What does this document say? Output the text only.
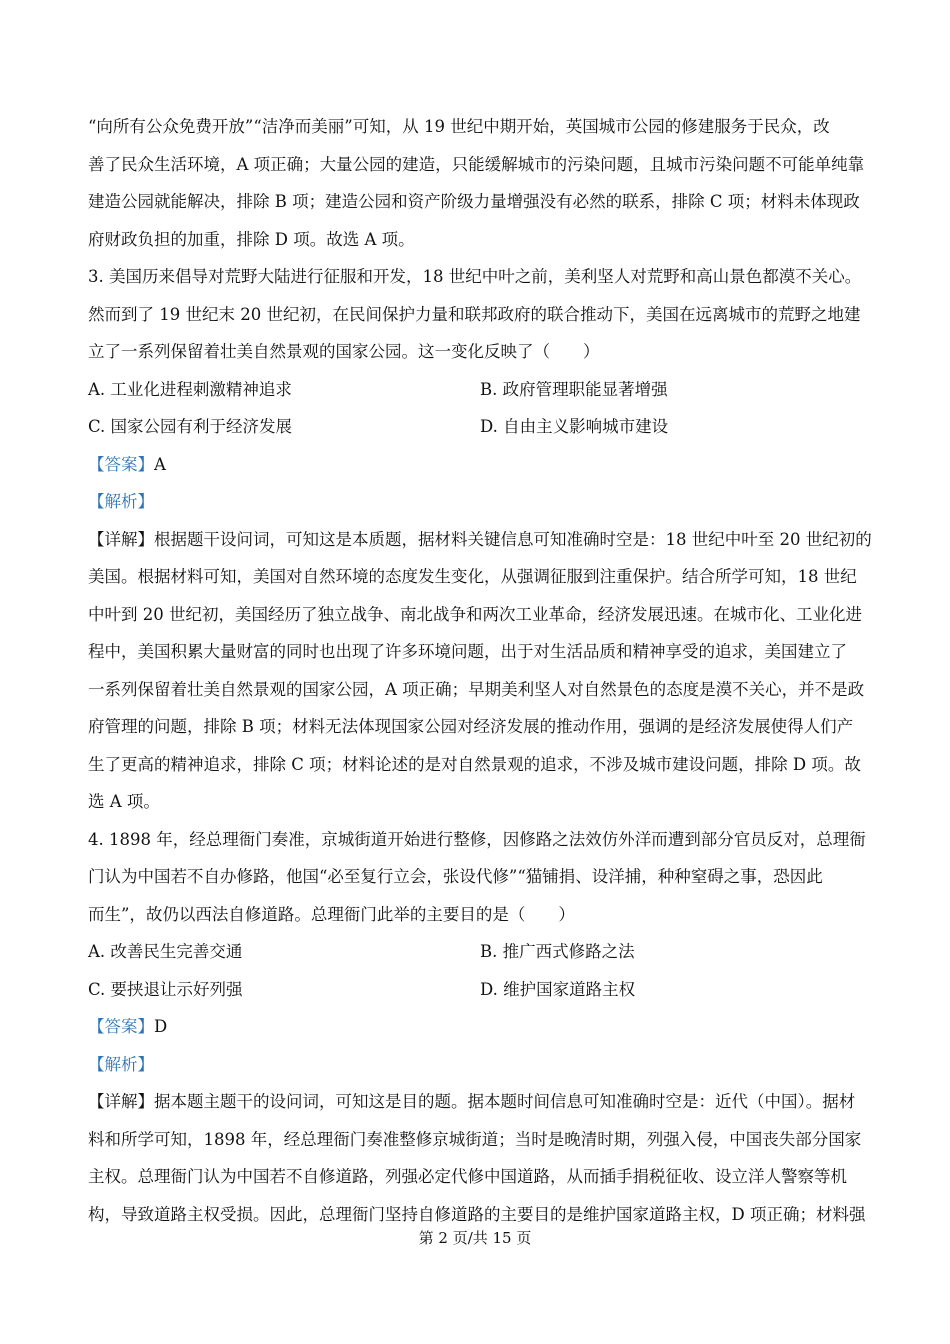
“向所有公众免费开放”“洁净而美丽”可知，从 19 世纪中期开始，英国城市公园的修建服务于民众，改
善了民众生活环境，A 项正确；大量公园的建造，只能缓解城市的污染问题，且城市污染问题不可能单纯靠
建造公园就能解决，排除 B 项；建造公园和资产阶级力量增强没有必然的联系，排除 C 项；材料未体现政
府财政负担的加重，排除 D 项。故选 A 项。
3. 美国历来倡导对荒野大陆进行征服和开发，18 世纪中叶之前，美利坚人对荒野和高山景色都漠不关心。
然而到了 19 世纪末 20 世纪初，在民间保护力量和联邦政府的联合推动下，美国在远离城市的荒野之地建
立了一系列保留着壮美自然景观的国家公园。这一变化反映了（　　）
A. 工业化进程刺激精神追求	B. 政府管理职能显著增强
C. 国家公园有利于经济发展	D. 自由主义影响城市建设
【答案】A
【解析】
【详解】根据题干设问词，可知这是本质题，据材料关键信息可知准确时空是：18 世纪中叶至 20 世纪初的
美国。根据材料可知，美国对自然环境的态度发生变化，从强调征服到注重保护。结合所学可知，18 世纪
中叶到 20 世纪初，美国经历了独立战争、南北战争和两次工业革命，经济发展迅速。在城市化、工业化进
程中，美国积累大量财富的同时也出现了许多环境问题，出于对生活品质和精神享受的追求，美国建立了
一系列保留着壮美自然景观的国家公园，A 项正确；早期美利坚人对自然景色的态度是漠不关心，并不是政
府管理的问题，排除 B 项；材料无法体现国家公园对经济发展的推动作用，强调的是经济发展使得人们产
生了更高的精神追求，排除 C 项；材料论述的是对自然景观的追求，不涉及城市建设问题，排除 D 项。故
选 A 项。
4. 1898 年，经总理衙门奏准，京城街道开始进行整修，因修路之法效仿外洋而遭到部分官员反对，总理衙
门认为中国若不自办修路，他国“必至复行立会，张设代修”“猫铺捐、设洋捕，种种窒碍之事，恐因此
而生”，故仍以西法自修道路。总理衙门此举的主要目的是（　　）
A. 改善民生完善交通	B. 推广西式修路之法
C. 要挟退让示好列强	D. 维护国家道路主权
【答案】D
【解析】
【详解】据本题主题干的设问词，可知这是目的题。据本题时间信息可知准确时空是：近代（中国）。据材
料和所学可知，1898 年，经总理衙门奏准整修京城街道；当时是晚清时期，列强入侵，中国丧失部分国家
主权。总理衙门认为中国若不自修道路，列强必定代修中国道路，从而插手捐税征收、设立洋人警察等机
构，导致道路主权受损。因此，总理衙门坚持自修道路的主要目的是维护国家道路主权，D 项正确；材料强
第 2 页/共 15 页
